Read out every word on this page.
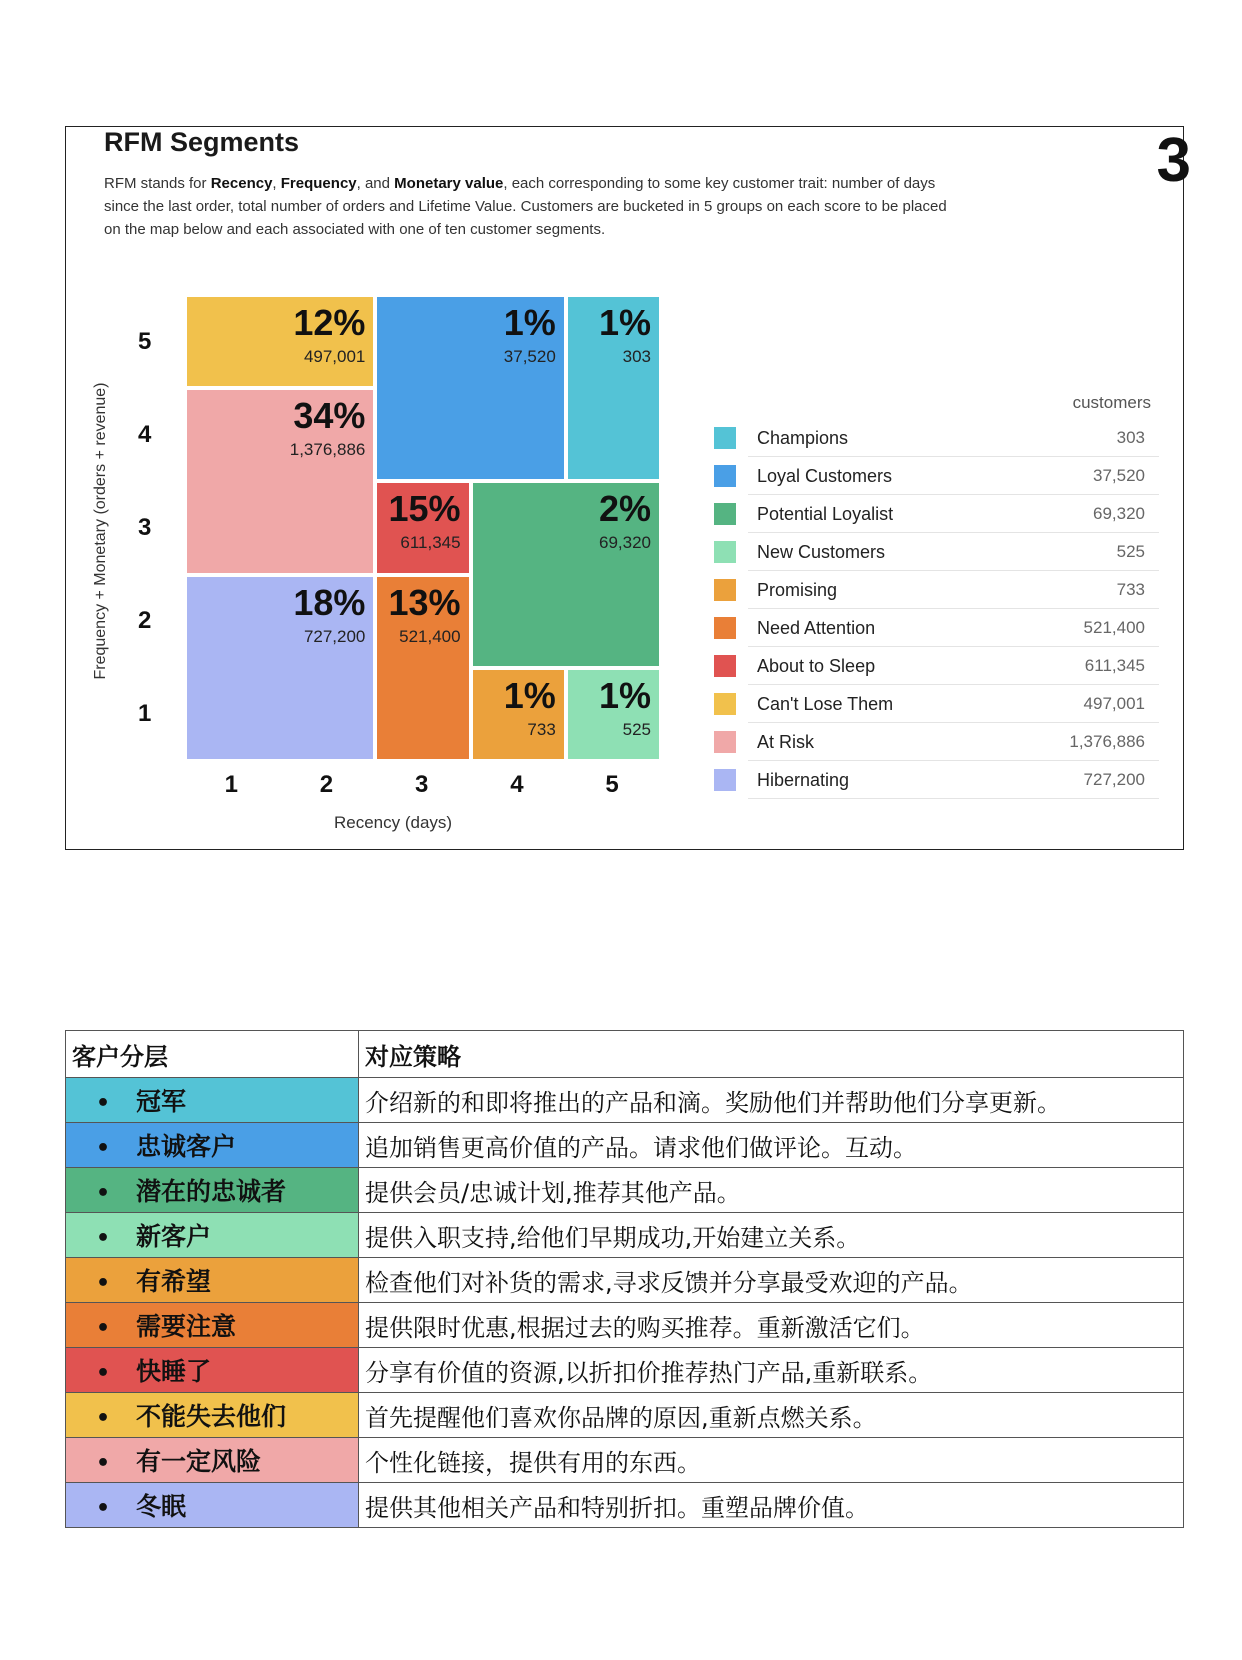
RFM Segments	3
RFM stands for Recency, Frequency, and Monetary value, each corresponding to some key customer trait: number of days since the last order, total number of orders and Lifetime Value. Customers are bucketed in 5 groups on each score to be placed on the map below and each associated with one of ten customer segments.
Frequency + Monetary (orders + revenue)
Recency (days)
5
4
3
2
1
1	2	3	4	5
1%
303
1%
37,520
2%
69,320
1%
525
1%
733
13%
521,400
15%
611,345
12%
497,001
34%
1,376,886
18%
727,200
customers
Champions	303
Loyal Customers	37,520
Potential Loyalist	69,320
New Customers	525
Promising	733
Need Attention	521,400
About to Sleep	611,345
Can't Lose Them	497,001
At Risk	1,376,886
Hibernating	727,200
客户分层	对应策略
• 冠军	介绍新的和即将推出的产品和滴。奖励他们并帮助他们分享更新。
• 忠诚客户	追加销售更高价值的产品。请求他们做评论。互动。
• 潜在的忠诚者	提供会员/忠诚计划,推荐其他产品。
• 新客户	提供入职支持,给他们早期成功,开始建立关系。
• 有希望	检查他们对补货的需求,寻求反馈并分享最受欢迎的产品。
• 需要注意	提供限时优惠,根据过去的购买推荐。重新激活它们。
• 快睡了	分享有价值的资源,以折扣价推荐热门产品,重新联系。
• 不能失去他们	首先提醒他们喜欢你品牌的原因,重新点燃关系。
• 有一定风险	个性化链接，提供有用的东西。
• 冬眠	提供其他相关产品和特别折扣。重塑品牌价值。
